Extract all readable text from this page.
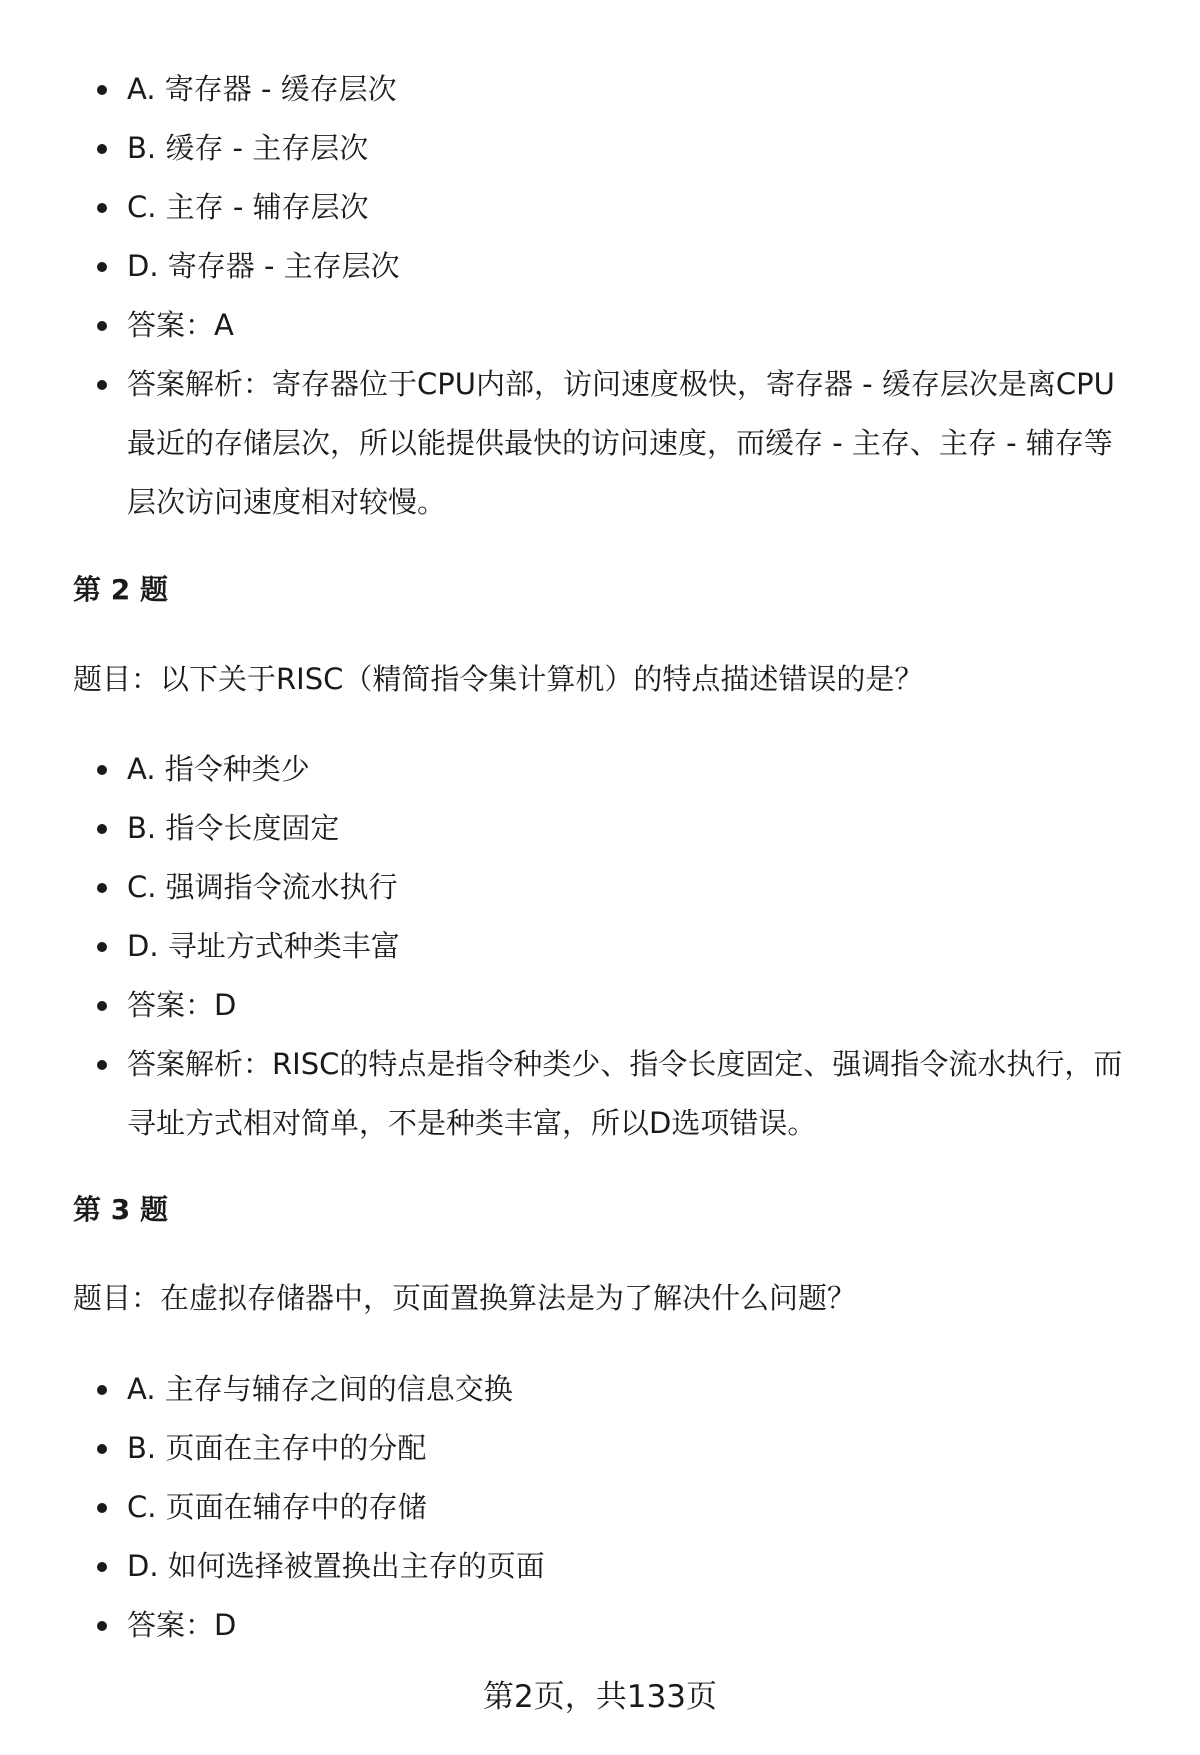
A. 寄存器 - 缓存层次
B. 缓存 - 主存层次
C. 主存 - 辅存层次
D. 寄存器 - 主存层次
答案：A
答案解析：寄存器位于CPU内部，访问速度极快，寄存器 - 缓存层次是离CPU最近的存储层次，所以能提供最快的访问速度，而缓存 - 主存、主存 - 辅存等层次访问速度相对较慢。
第 2 题
题目：以下关于RISC（精简指令集计算机）的特点描述错误的是？
A. 指令种类少
B. 指令长度固定
C. 强调指令流水执行
D. 寻址方式种类丰富
答案：D
答案解析：RISC的特点是指令种类少、指令长度固定、强调指令流水执行，而寻址方式相对简单，不是种类丰富，所以D选项错误。
第 3 题
题目：在虚拟存储器中，页面置换算法是为了解决什么问题？
A. 主存与辅存之间的信息交换
B. 页面在主存中的分配
C. 页面在辅存中的存储
D. 如何选择被置换出主存的页面
答案：D
第2页，共133页
